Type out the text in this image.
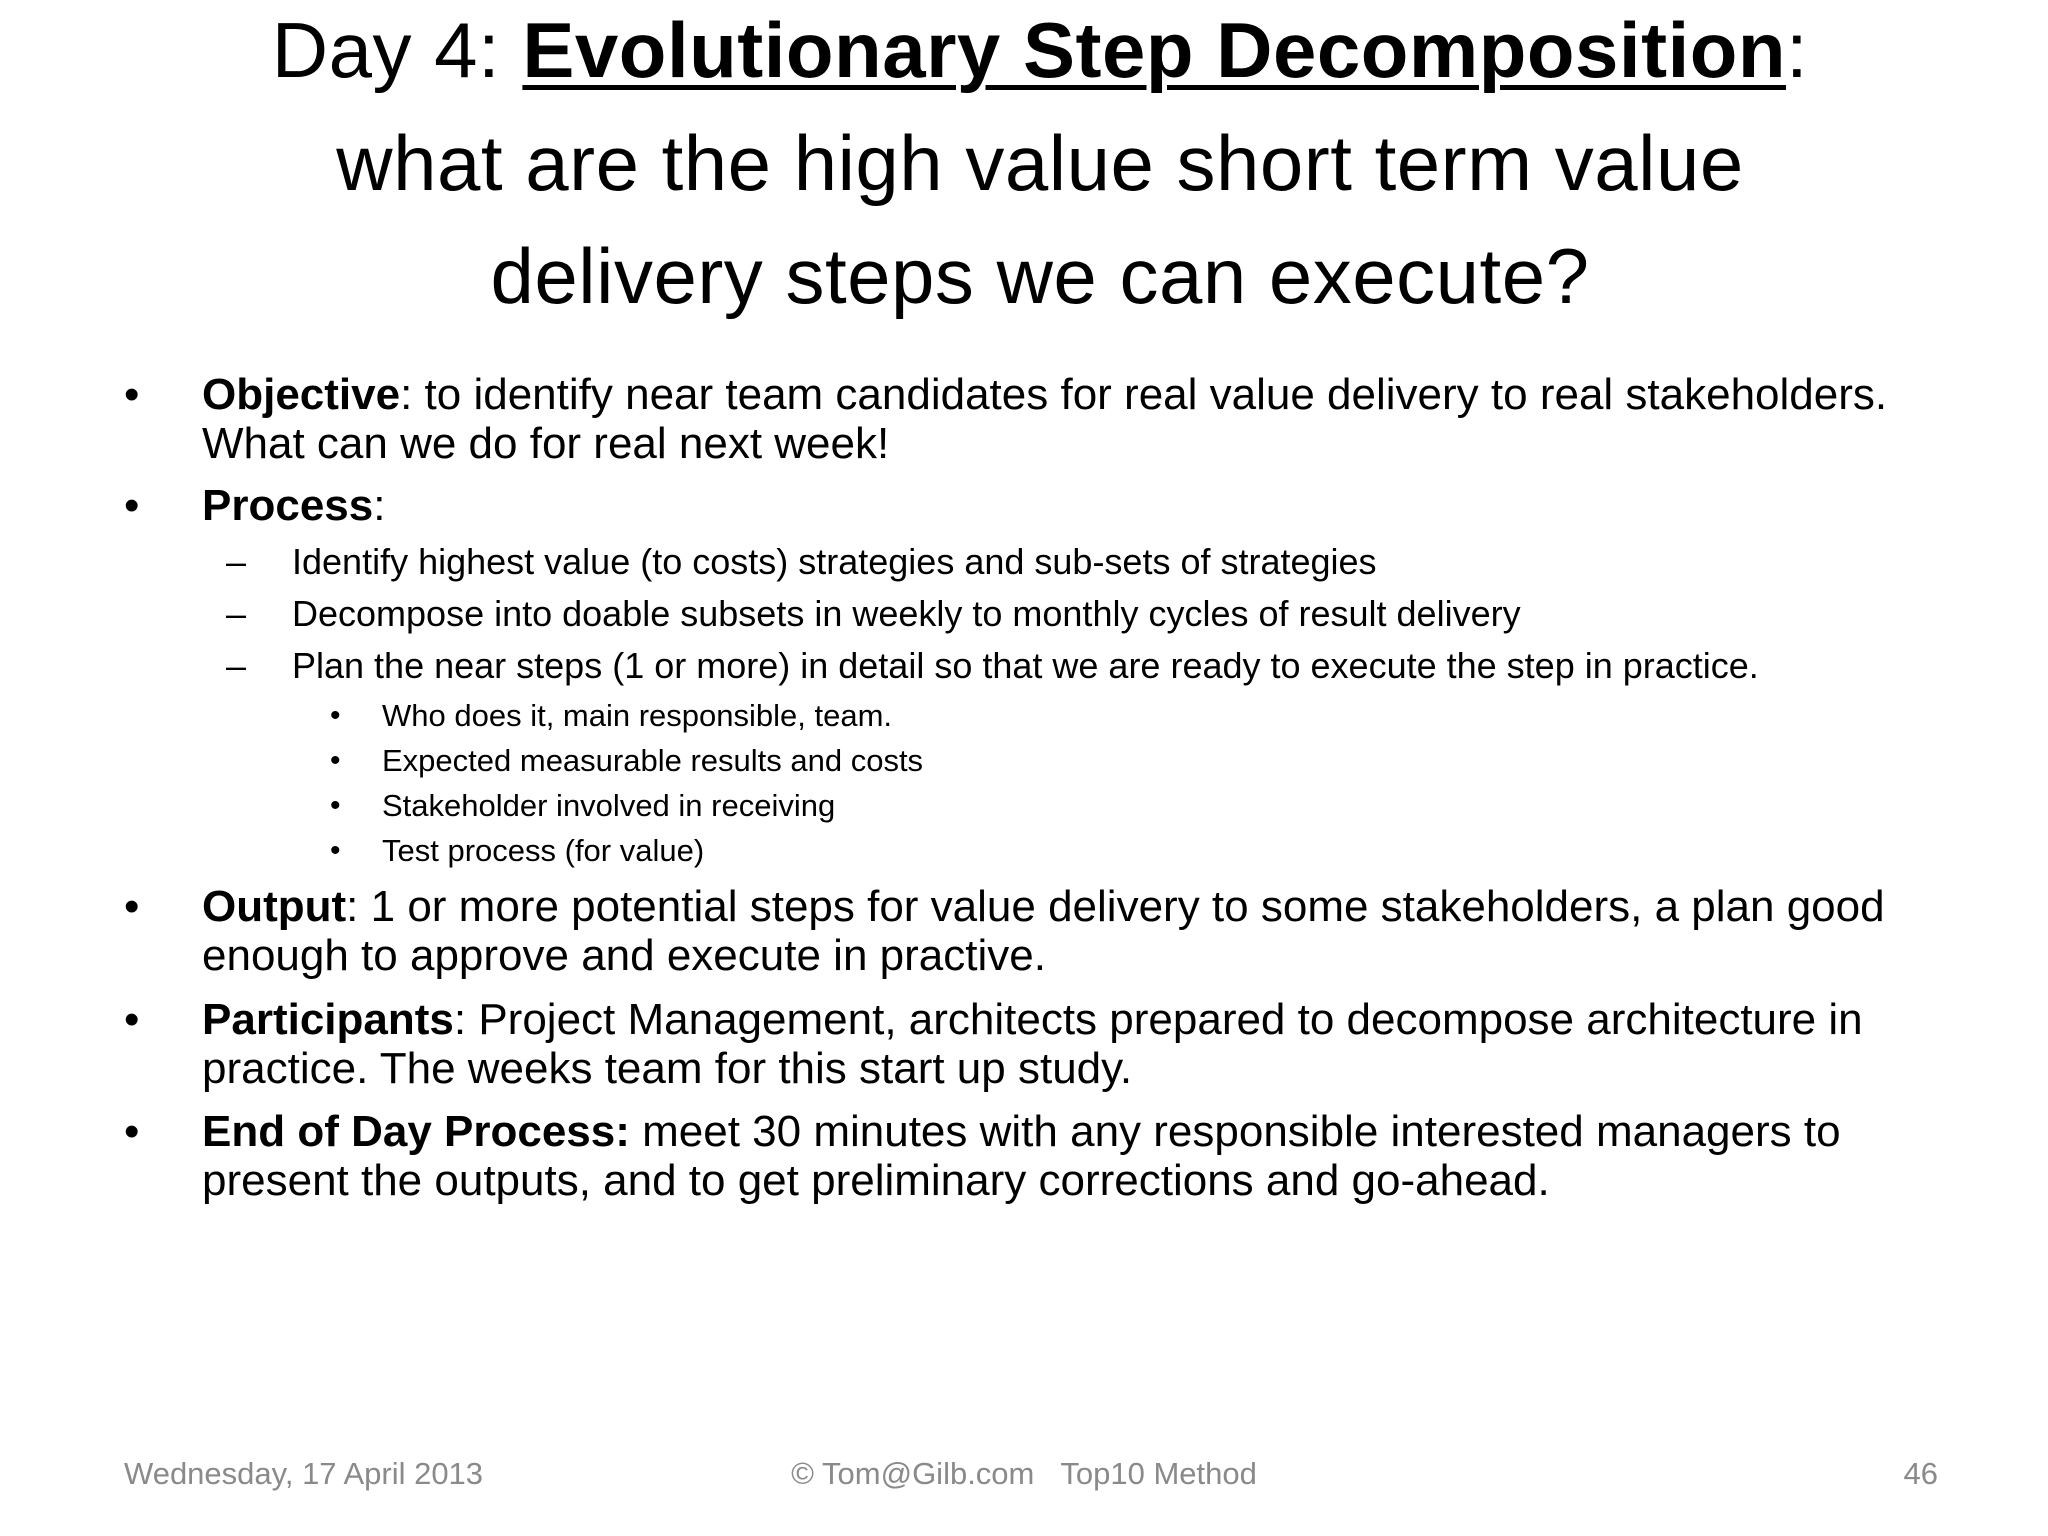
Day 4: Evolutionary Step Decomposition:
what are the high value short term value
delivery steps we can execute?
• Objective: to identify near team candidates for real value delivery to real stakeholders. What can we do for real next week!
• Process:
– Identify highest value (to costs) strategies and sub-sets of strategies
– Decompose into doable subsets in weekly to monthly cycles of result delivery
– Plan the near steps (1 or more) in detail so that we are ready to execute the step in practice.
• Who does it, main responsible, team.
• Expected measurable results and costs
• Stakeholder involved in receiving
• Test process (for value)
• Output: 1 or more potential steps for value delivery to some stakeholders, a plan good enough to approve and execute in practive.
• Participants: Project Management, architects prepared to decompose architecture in practice. The weeks team for this start up study.
• End of Day Process: meet 30 minutes with any responsible interested managers to present the outputs, and to get preliminary corrections and go-ahead.
Wednesday, 17 April 2013	© Tom@Gilb.com Top10 Method	46
